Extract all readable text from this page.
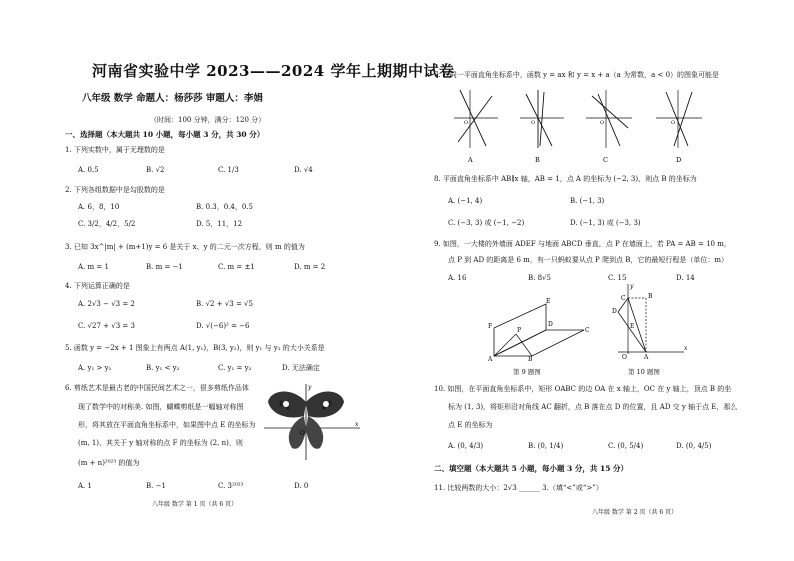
河南省实验中学 2023——2024 学年上期期中试卷
八年级 数学 命题人：杨莎莎 审题人：李娟
（时间：100 分钟，满分：120 分）
一、选择题（本大题共 10 小题，每小题 3 分，共 30 分）
1. 下列实数中，属于无理数的是
A. 0.5	B. √2	C. 1/3	D. √4
2. 下列各组数据中是勾股数的是
A. 6，8，10	B. 0.3，0.4，0.5
C. 3/2，4/2，5/2	D. 5，11，12
3. 已知 3x^|m| + (m+1)y = 6 是关于 x、y 的二元一次方程，则 m 的值为
A. m = 1	B. m = −1	C. m = ±1	D. m = 2
4. 下列运算正确的是
A. 2√3 − √3 = 2	B. √2 + √3 = √5
C. √27 + √3 = 3	D. √(−6)² = −6
5. 函数 y = −2x + 1 图象上有两点 A(1, y₁)，B(3, y₂)，则 y₁ 与 y₂ 的大小关系是
A. y₁ > y₂	B. y₁ < y₂	C. y₁ = y₂	D. 无法确定
6. 剪纸艺术是最古老的中国民间艺术之一，很多剪纸作品体
现了数学中的对称美. 如图，蝴蝶剪纸是一幅轴对称图
形，将其放在平面直角坐标系中，如果图中点 E 的坐标为
(m, 1)，其关于 y 轴对称的点 F 的坐标为 (2, n)，则
(m + n)²⁰²³ 的值为
A. 1	B. −1	C. 3²⁰²³	D. 0
y
x
E	F
O
八年级 数学 第 1 页（共 6 页）
7. 在同一平面直角坐标系中，函数 y = ax 和 y = x + a（a 为常数，a < 0）的图象可能是
O
A
O
B
O
C
O
D
8. 平面直角坐标系中 AB∥x 轴，AB = 1，点 A 的坐标为 (−2, 3)，则点 B 的坐标为
A. (−1, 4)	B. (−1, 3)
C. (−3, 3) 或 (−1, −2)	D. (−1, 3) 或 (−3, 3)
9. 如图，一大楼的外墙面 ADEF 与地面 ABCD 垂直，点 P 在墙面上，若 PA = AB = 10 m，
点 P 到 AD 的距离是 6 m，有一只蚂蚁要从点 P 爬到点 B，它的最短行程是（单位：m）
A. 16	B. 8√5	C. 15	D. 14
F
E
P
D
A	B
C
第 9 题图
y
C	B
D
E
O	A
x
第 10 题图
10. 如图，在平面直角坐标系中，矩形 OABC 的边 OA 在 x 轴上，OC 在 y 轴上，顶点 B 的坐
标为 (1, 3)，将矩形沿对角线 AC 翻折，点 B 落在点 D 的位置，且 AD 交 y 轴于点 E，那么
点 E 的坐标为
A. (0, 4/3)	B. (0, 1/4)	C. (0, 5/4)	D. (0, 4/5)
二、填空题（本大题共 5 小题，每小题 3 分，共 15 分）
11. 比较两数的大小：2√3 ______ 3.（填“<”或“>”）
八年级 数学 第 2 页（共 6 页）
